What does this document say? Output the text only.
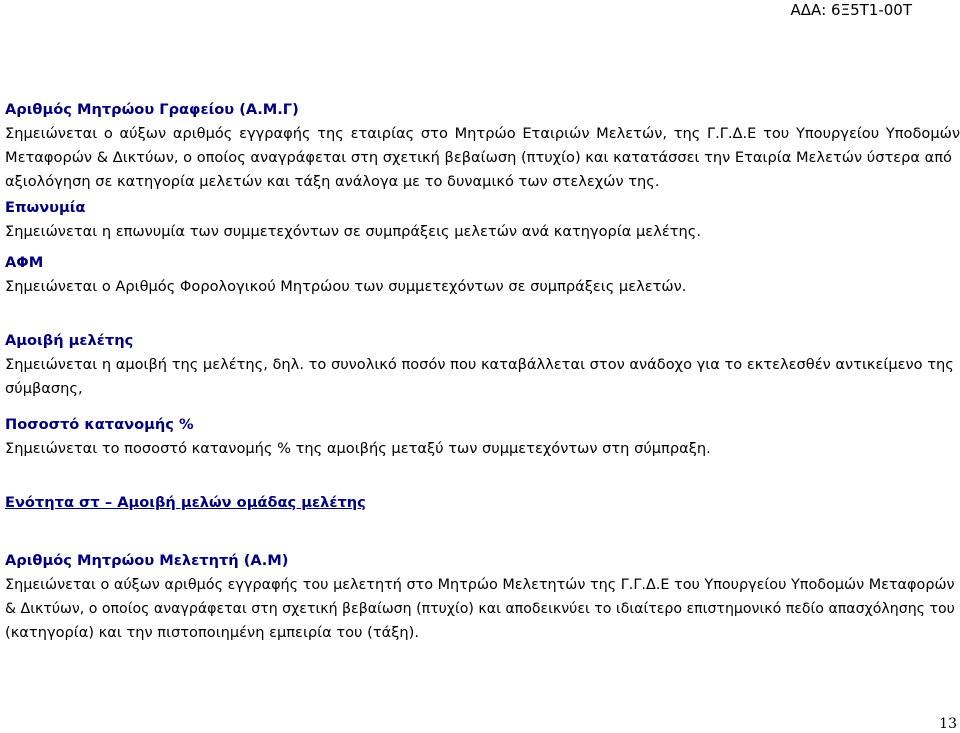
ΑΔΑ: 6Ξ5Τ1-00Τ

Αριθμός Μητρώου Γραφείου (Α.Μ.Γ)

Σημειώνεται ο αύξων αριθμός εγγραφής της εταιρίας στο Μητρώο Εταιριών Μελετών, της Γ.Γ.Δ.Ε του Υπουργείου Υποδομών

Μεταφορών & Δικτύων, ο οποίος αναγράφεται στη σχετική βεβαίωση (πτυχίο) και κατατάσσει την Εταιρία Μελετών ύστερα από

αξιολόγηση σε κατηγορία μελετών και τάξη ανάλογα με το δυναμικό των στελεχών της.

Επωνυμία

Σημειώνεται η επωνυμία των συμμετεχόντων σε συμπράξεις μελετών ανά κατηγορία μελέτης.

ΑΦΜ

Σημειώνεται ο Αριθμός Φορολογικού Μητρώου των συμμετεχόντων σε συμπράξεις μελετών.

Αμοιβή μελέτης

Σημειώνεται η αμοιβή της μελέτης, δηλ. το συνολικό ποσόν που καταβάλλεται στον ανάδοχο για το εκτελεσθέν αντικείμενο της

σύμβασης,

Ποσοστό κατανομής %

Σημειώνεται το ποσοστό κατανομής % της αμοιβής μεταξύ των συμμετεχόντων στη σύμπραξη.

Ενότητα στ – Αμοιβή μελών ομάδας μελέτης

Αριθμός Μητρώου Μελετητή (Α.Μ)

Σημειώνεται ο αύξων αριθμός εγγραφής του μελετητή στο Μητρώο Μελετητών της Γ.Γ.Δ.Ε του Υπουργείου Υποδομών Μεταφορών

& Δικτύων, ο οποίος αναγράφεται στη σχετική βεβαίωση (πτυχίο) και αποδεικνύει το ιδιαίτερο επιστημονικό πεδίο απασχόλησης του

(κατηγορία) και την πιστοποιημένη εμπειρία του (τάξη).

13
